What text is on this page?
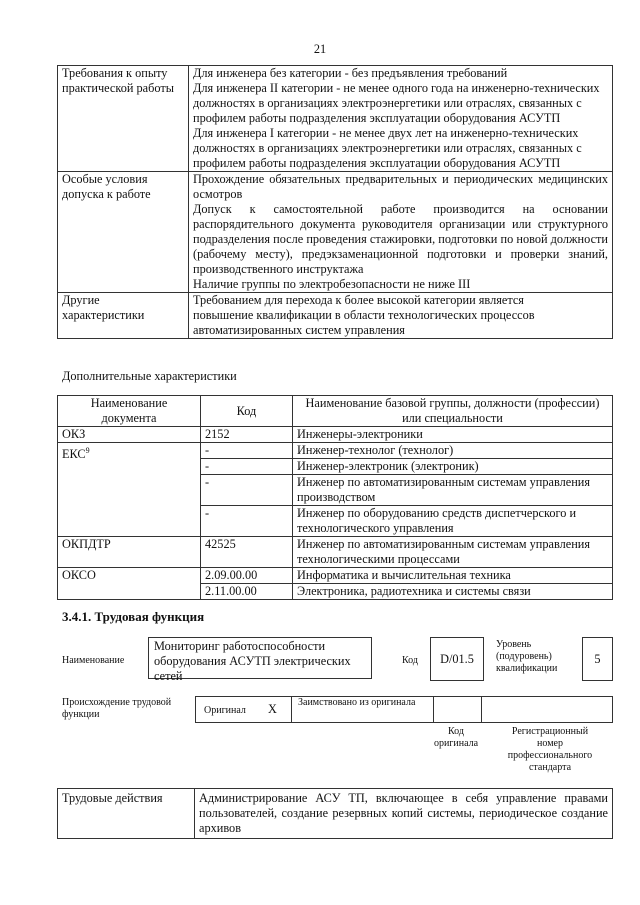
21
Требования к опыту практической работы	Для инженера без категории - без предъявления требований
Для инженера II категории - не менее одного года на инженерно-технических должностях в организациях электроэнергетики или отраслях, связанных с профилем работы подразделения эксплуатации оборудования АСУТП
Для инженера I категории - не менее двух лет на инженерно-технических должностях в организациях электроэнергетики или отраслях, связанных с профилем работы подразделения эксплуатации оборудования АСУТП

Особые условия допуска к работе	Прохождение обязательных предварительных и периодических медицинских осмотров
Допуск к самостоятельной работе производится на основании распорядительного документа руководителя организации или структурного подразделения после проведения стажировки, подготовки по новой должности (рабочему месту), предэкзаменационной подготовки и проверки знаний, производственного инструктажа
Наличие группы по электробезопасности не ниже III

Другие характеристики	Требованием для перехода к более высокой категории является повышение квалификации в области технологических процессов автоматизированных систем управления
Дополнительные характеристики
Наименование документа	Код	Наименование базовой группы, должности (профессии) или специальности
ОКЗ	2152	Инженеры-электроники
ЕКС$^9$	-	Инженер-технолог (технолог)
	-	Инженер-электроник (электроник)
	-	Инженер по автоматизированным системам управления производством
	-	Инженер по оборудованию средств диспетчерского и технологического управления
ОКПДТР	42525	Инженер по автоматизированным системам управления технологическими процессами
ОКСО	2.09.00.00	Информатика и вычислительная техника
	2.11.00.00	Электроника, радиотехника и системы связи
3.4.1. Трудовая функция
Наименование
Мониторинг работоспособности оборудования АСУТП электрических сетей
Код	D/01.5
Уровень (подуровень) квалификации
5
Происхождение трудовой функции	Оригинал X	Заимствовано из оригинала
Код оригинала
Регистрационный номер профессионального стандарта
Трудовые действия	Администрирование АСУ ТП, включающее в себя управление правами пользователей, создание резервных копий системы, периодическое создание архивов
